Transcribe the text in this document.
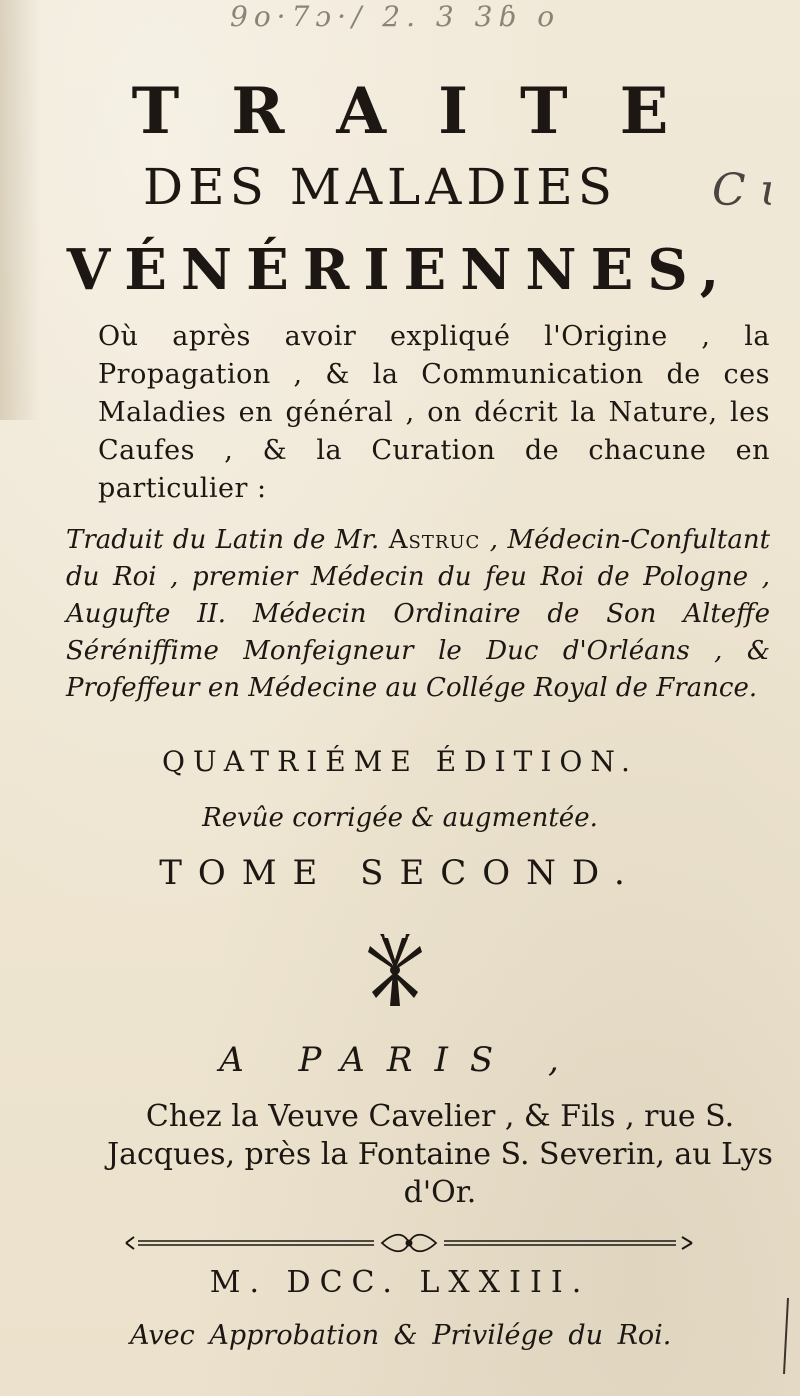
9o·7ɔ·/ 2. 3 3ɓ o
C ɩ
TRAITE
DES MALADIES
VÉNÉRIENNES,
Où après avoir expliqué l'Origine , la Propagation , & la Communication de ces Maladies en général , on décrit la Nature, les Caufes , & la Curation de chacune en particulier :
Traduit du Latin de Mr. Astruc , Médecin-Confultant du Roi , premier Médecin du feu Roi de Pologne , Augufte II. Médecin Ordinaire de Son Alteffe Séréniffime Monfeigneur le Duc d'Orléans , & Profeffeur en Médecine au Collége Royal de France.
QUATRIÉME ÉDITION.
Revûe corrigée & augmentée.
TOME SECOND.
A PARIS ,
Chez la Veuve Cavelier , & Fils , rue S. Jacques, près la Fontaine S. Severin, au Lys d'Or.
M. DCC. LXXIII.
Avec Approbation & Privilége du Roi.
